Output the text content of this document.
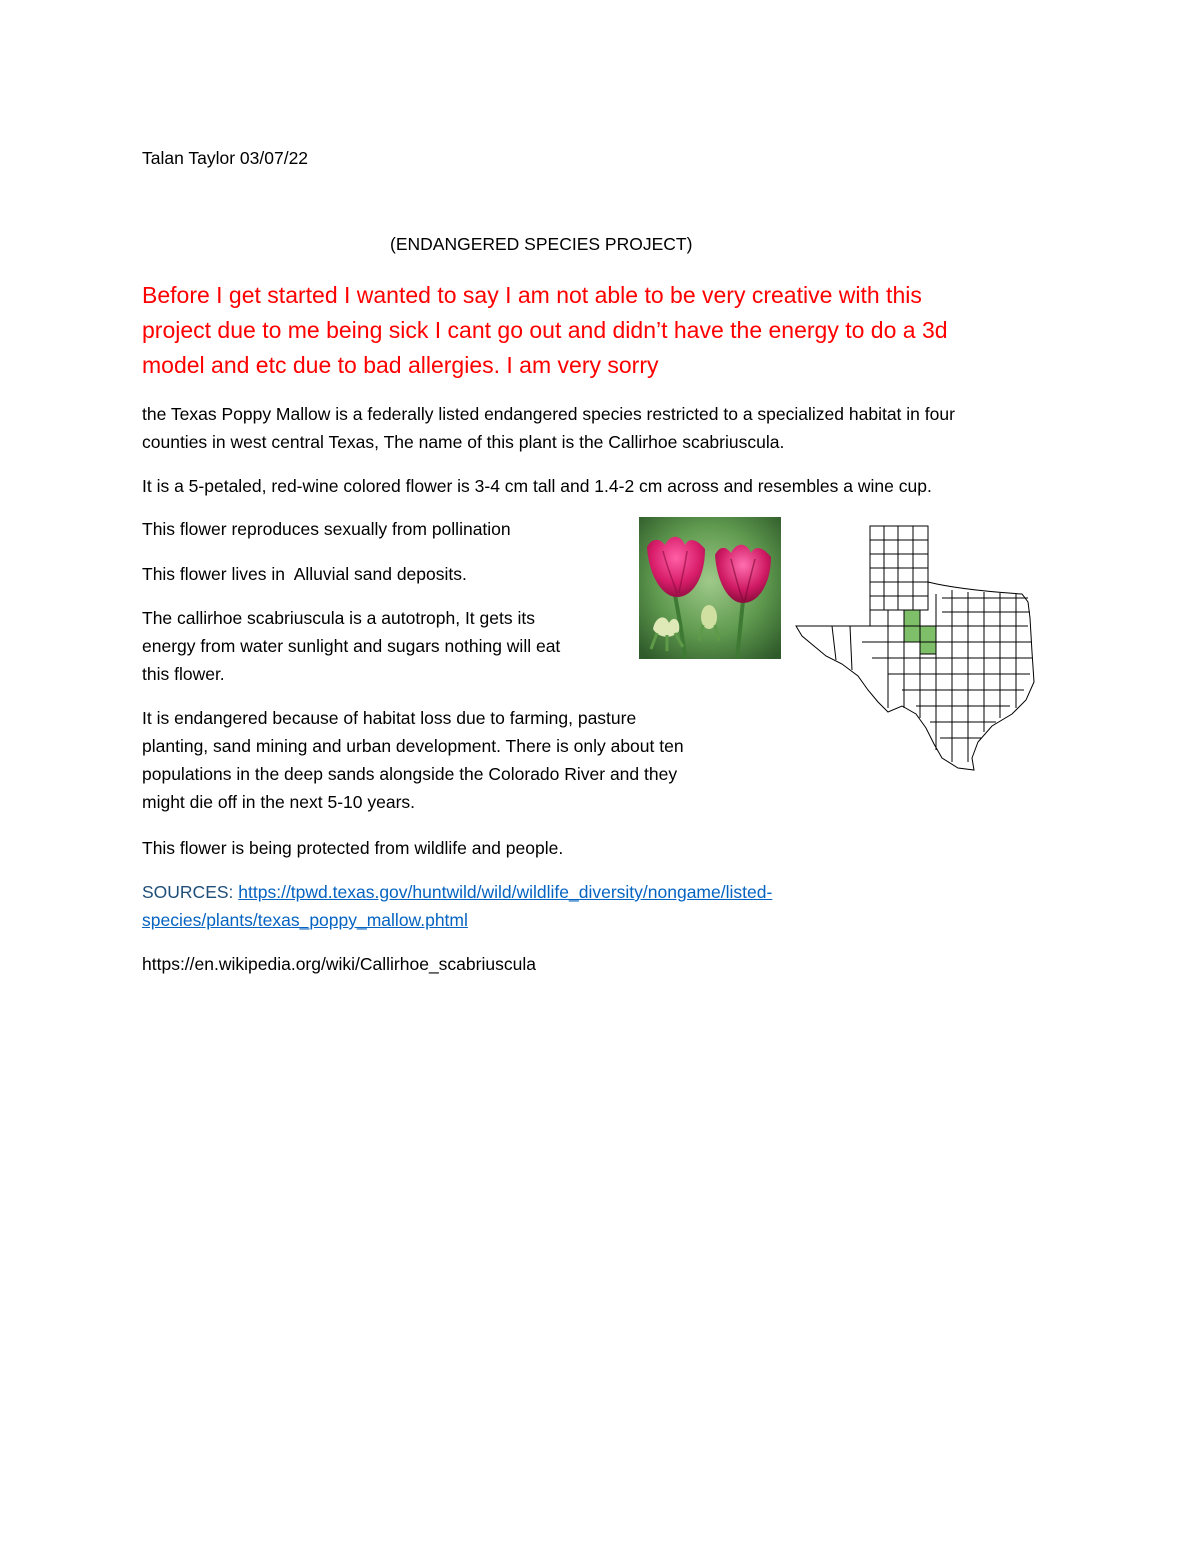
Talan Taylor 03/07/22
(ENDANGERED SPECIES PROJECT)
Before I get started I wanted to say I am not able to be very creative with this
project due to me being sick I cant go out and didn’t have the energy to do a 3d
model and etc due to bad allergies. I am very sorry
the Texas Poppy Mallow is a federally listed endangered species restricted to a specialized habitat in four
counties in west central Texas, The name of this plant is the Callirhoe scabriuscula.
It is a 5-petaled, red-wine colored flower is 3-4 cm tall and 1.4-2 cm across and resembles a wine cup.
This flower reproduces sexually from pollination
This flower lives in  Alluvial sand deposits.
The callirhoe scabriuscula is a autotroph, It gets its
energy from water sunlight and sugars nothing will eat
this flower.
It is endangered because of habitat loss due to farming, pasture
planting, sand mining and urban development. There is only about ten
populations in the deep sands alongside the Colorado River and they
might die off in the next 5-10 years.
This flower is being protected from wildlife and people.
SOURCES: https://tpwd.texas.gov/huntwild/wild/wildlife_diversity/nongame/listed-
species/plants/texas_poppy_mallow.phtml
https://en.wikipedia.org/wiki/Callirhoe_scabriuscula
